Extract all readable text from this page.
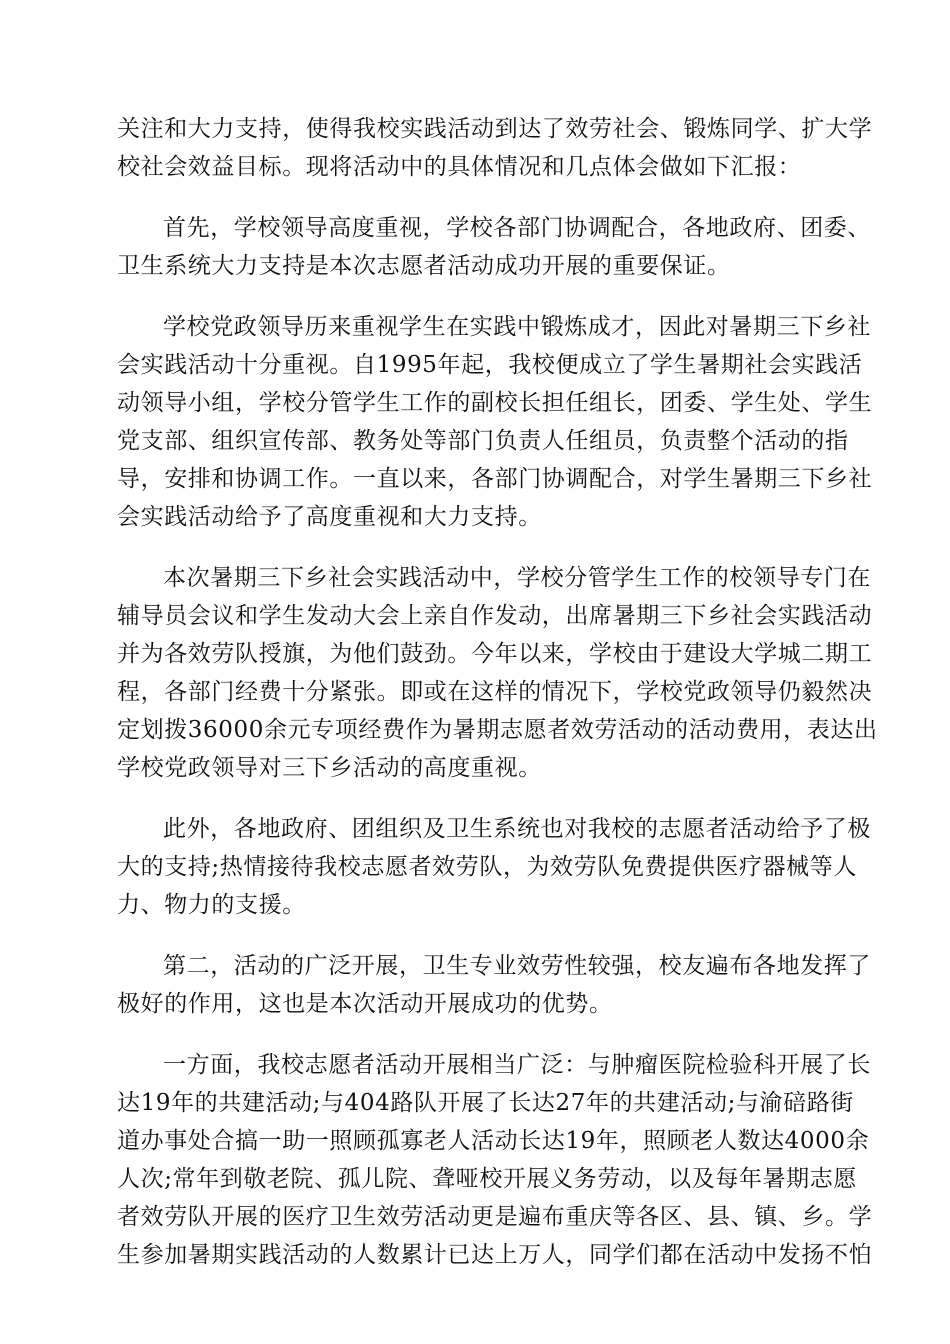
关注和大力支持，使得我校实践活动到达了效劳社会、锻炼同学、扩大学
校社会效益目标。现将活动中的具体情况和几点体会做如下汇报：
首先，学校领导高度重视，学校各部门协调配合，各地政府、团委、
卫生系统大力支持是本次志愿者活动成功开展的重要保证。
学校党政领导历来重视学生在实践中锻炼成才，因此对暑期三下乡社
会实践活动十分重视。自1995年起，我校便成立了学生暑期社会实践活
动领导小组，学校分管学生工作的副校长担任组长，团委、学生处、学生
党支部、组织宣传部、教务处等部门负责人任组员，负责整个活动的指
导，安排和协调工作。一直以来，各部门协调配合，对学生暑期三下乡社
会实践活动给予了高度重视和大力支持。
本次暑期三下乡社会实践活动中，学校分管学生工作的校领导专门在
辅导员会议和学生发动大会上亲自作发动，出席暑期三下乡社会实践活动
并为各效劳队授旗，为他们鼓劲。今年以来，学校由于建设大学城二期工
程，各部门经费十分紧张。即或在这样的情况下，学校党政领导仍毅然决
定划拨36000余元专项经费作为暑期志愿者效劳活动的活动费用，表达出
学校党政领导对三下乡活动的高度重视。
此外，各地政府、团组织及卫生系统也对我校的志愿者活动给予了极
大的支持;热情接待我校志愿者效劳队，为效劳队免费提供医疗器械等人
力、物力的支援。
第二，活动的广泛开展，卫生专业效劳性较强，校友遍布各地发挥了
极好的作用，这也是本次活动开展成功的优势。
一方面，我校志愿者活动开展相当广泛：与肿瘤医院检验科开展了长
达19年的共建活动;与404路队开展了长达27年的共建活动;与渝碚路街
道办事处合搞一助一照顾孤寡老人活动长达19年，照顾老人数达4000余
人次;常年到敬老院、孤儿院、聋哑校开展义务劳动，以及每年暑期志愿
者效劳队开展的医疗卫生效劳活动更是遍布重庆等各区、县、镇、乡。学
生参加暑期实践活动的人数累计已达上万人，同学们都在活动中发扬不怕
